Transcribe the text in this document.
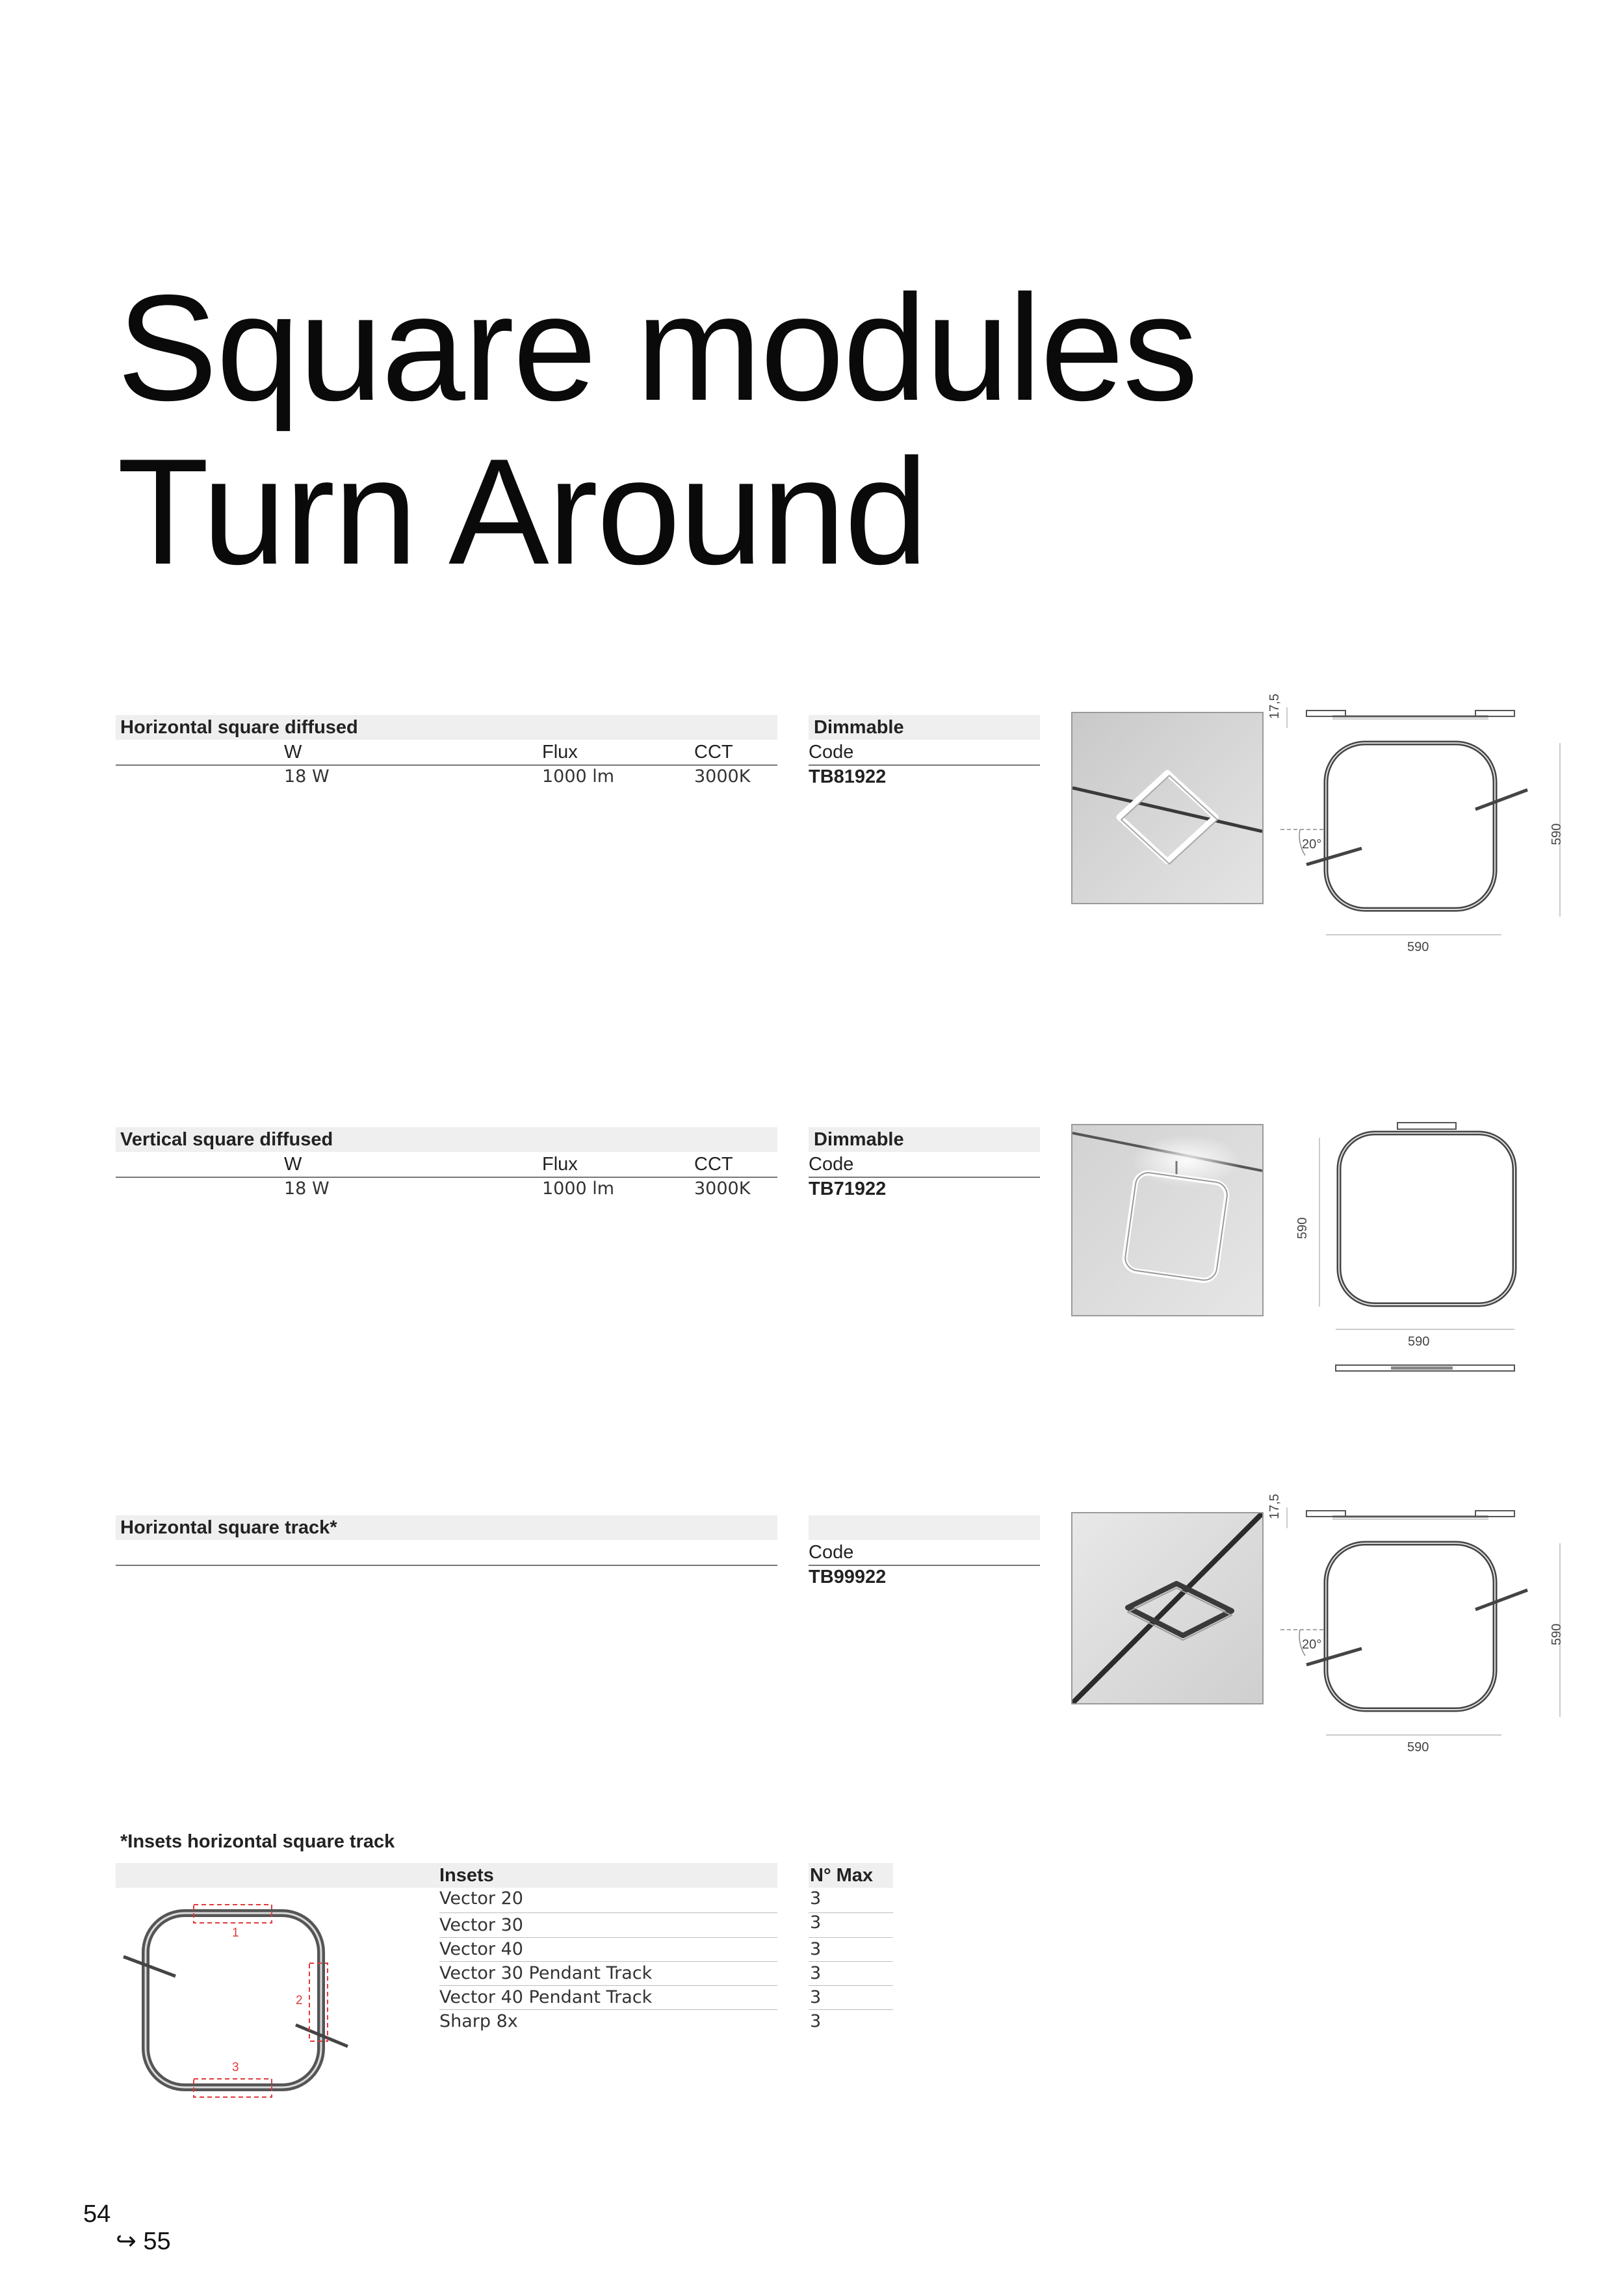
Square modules
Turn Around
Horizontal square diffused
W	Flux	CCT
18 W	1000 lm	3000K
Dimmable
Code
TB81922
17,5
590
590
20°
Vertical square diffused
W	Flux	CCT
18 W	1000 lm	3000K
Dimmable
Code
TB71922
590
590
Horizontal square track*
Code
TB99922
17,5
590
590
20°
*Insets horizontal square track
Insets	N° Max
Vector 20	3
Vector 30	3
Vector 40	3
Vector 30 Pendant Track	3
Vector 40 Pendant Track	3
Sharp 8x	3
1
2
3
54
↪ 55
